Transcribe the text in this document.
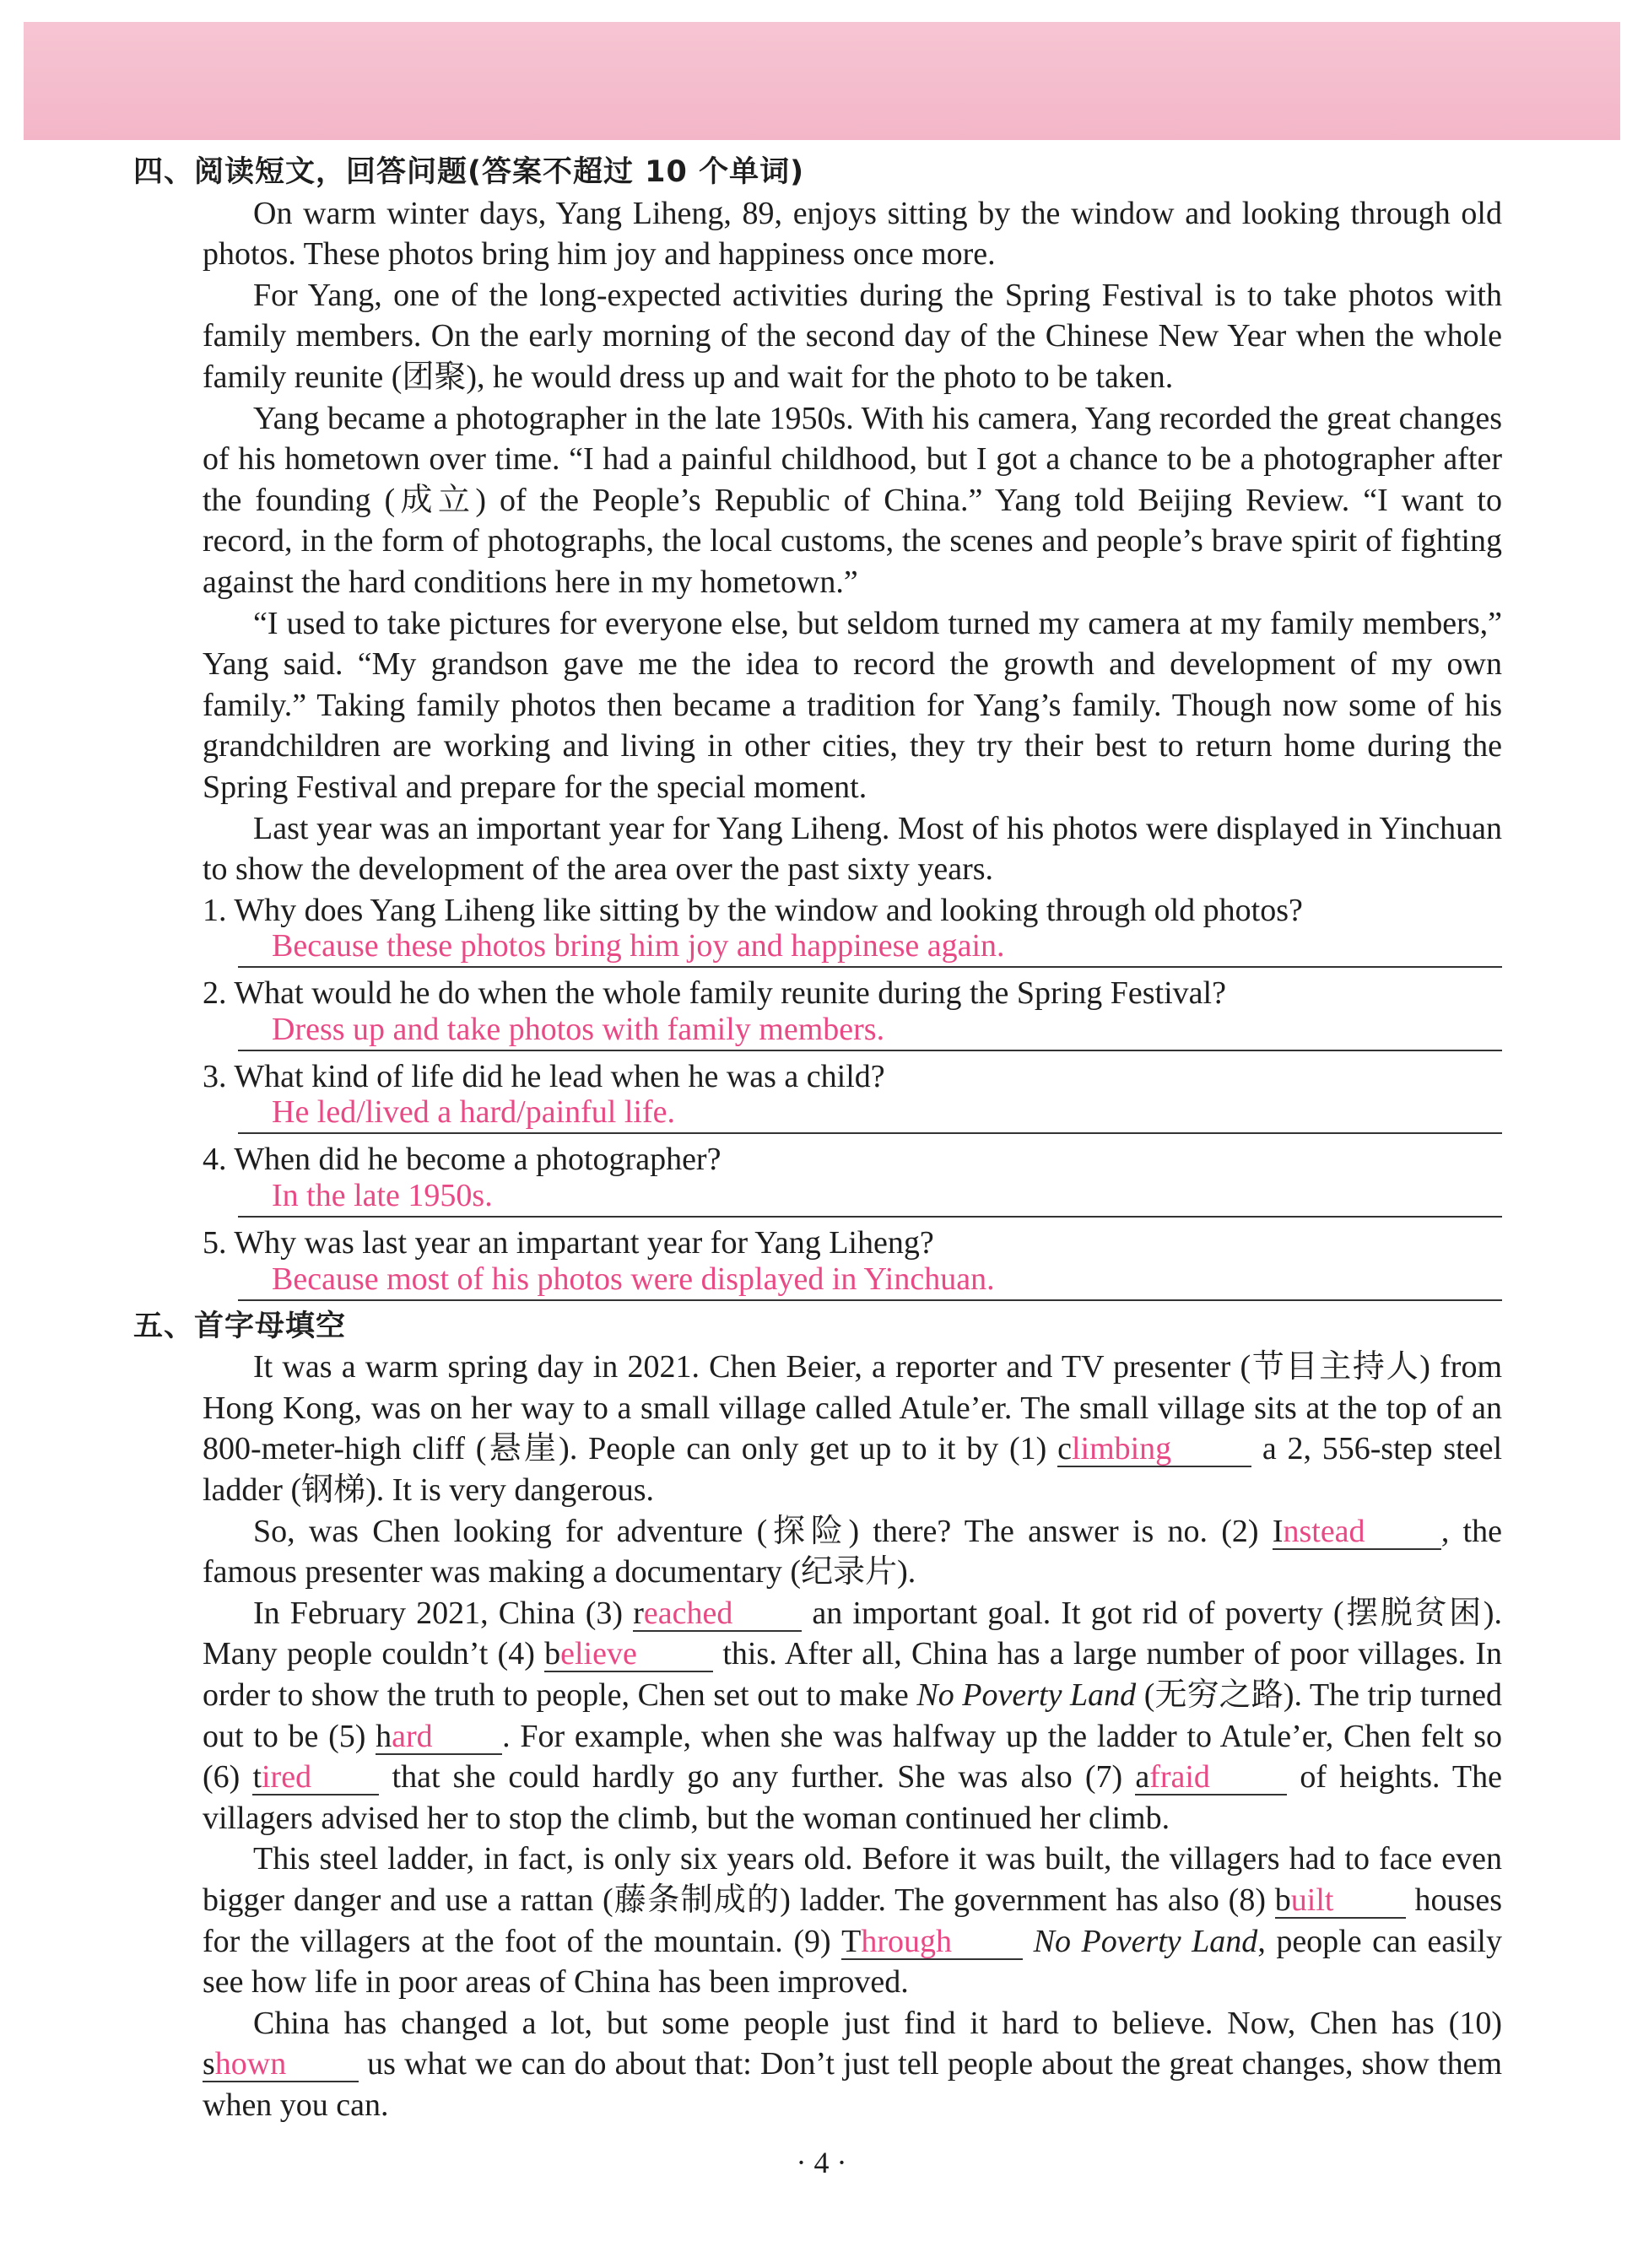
四、阅读短文，回答问题(答案不超过 10 个单词)

On warm winter days, Yang Liheng, 89, enjoys sitting by the window and looking through old photos. These photos bring him joy and happiness once more.

For Yang, one of the long-expected activities during the Spring Festival is to take photos with family members. On the early morning of the second day of the Chinese New Year when the whole family reunite (团聚), he would dress up and wait for the photo to be taken.

Yang became a photographer in the late 1950s. With his camera, Yang recorded the great changes of his hometown over time. “I had a painful childhood, but I got a chance to be a photographer after the founding (成立) of the People’s Republic of China.” Yang told Beijing Review. “I want to record, in the form of photographs, the local customs, the scenes and people’s brave spirit of fighting against the hard conditions here in my hometown.”

“I used to take pictures for everyone else, but seldom turned my camera at my family members,” Yang said. “My grandson gave me the idea to record the growth and development of my own family.” Taking family photos then became a tradition for Yang’s family. Though now some of his grandchildren are working and living in other cities, they try their best to return home during the Spring Festival and prepare for the special moment.

Last year was an important year for Yang Liheng. Most of his photos were displayed in Yinchuan to show the development of the area over the past sixty years.

1. Why does Yang Liheng like sitting by the window and looking through old photos?
Because these photos bring him joy and happinese again.
2. What would he do when the whole family reunite during the Spring Festival?
Dress up and take photos with family members.
3. What kind of life did he lead when he was a child?
He led/lived a hard/painful life.
4. When did he become a photographer?
In the late 1950s.
5. Why was last year an impartant year for Yang Liheng?
Because most of his photos were displayed in Yinchuan.
五、首字母填空

It was a warm spring day in 2021. Chen Beier, a reporter and TV presenter (节目主持人) from Hong Kong, was on her way to a small village called Atule’er. The small village sits at the top of an 800-meter-high cliff (悬崖). People can only get up to it by (1) climbing a 2, 556-step steel ladder (钢梯). It is very dangerous.

So, was Chen looking for adventure (探险) there? The answer is no. (2) Instead , the famous presenter was making a documentary (纪录片).

In February 2021, China (3) reached an important goal. It got rid of poverty (摆脱贫困). Many people couldn’t (4) believe this. After all, China has a large number of poor villages. In order to show the truth to people, Chen set out to make No Poverty Land (无穷之路). The trip turned out to be (5) hard . For example, when she was halfway up the ladder to Atule’er, Chen felt so (6) tired that she could hardly go any further. She was also (7) afraid of heights. The villagers advised her to stop the climb, but the woman continued her climb.

This steel ladder, in fact, is only six years old. Before it was built, the villagers had to face even bigger danger and use a rattan (藤条制成的) ladder. The government has also (8) built houses for the villagers at the foot of the mountain. (9) Through	No Poverty Land, people can easily see how life in poor areas of China has been improved.

China has changed a lot, but some people just find it hard to believe. Now, Chen has (10) shown us what we can do about that: Don’t just tell people about the great changes, show them when you can.

· 4 ·
